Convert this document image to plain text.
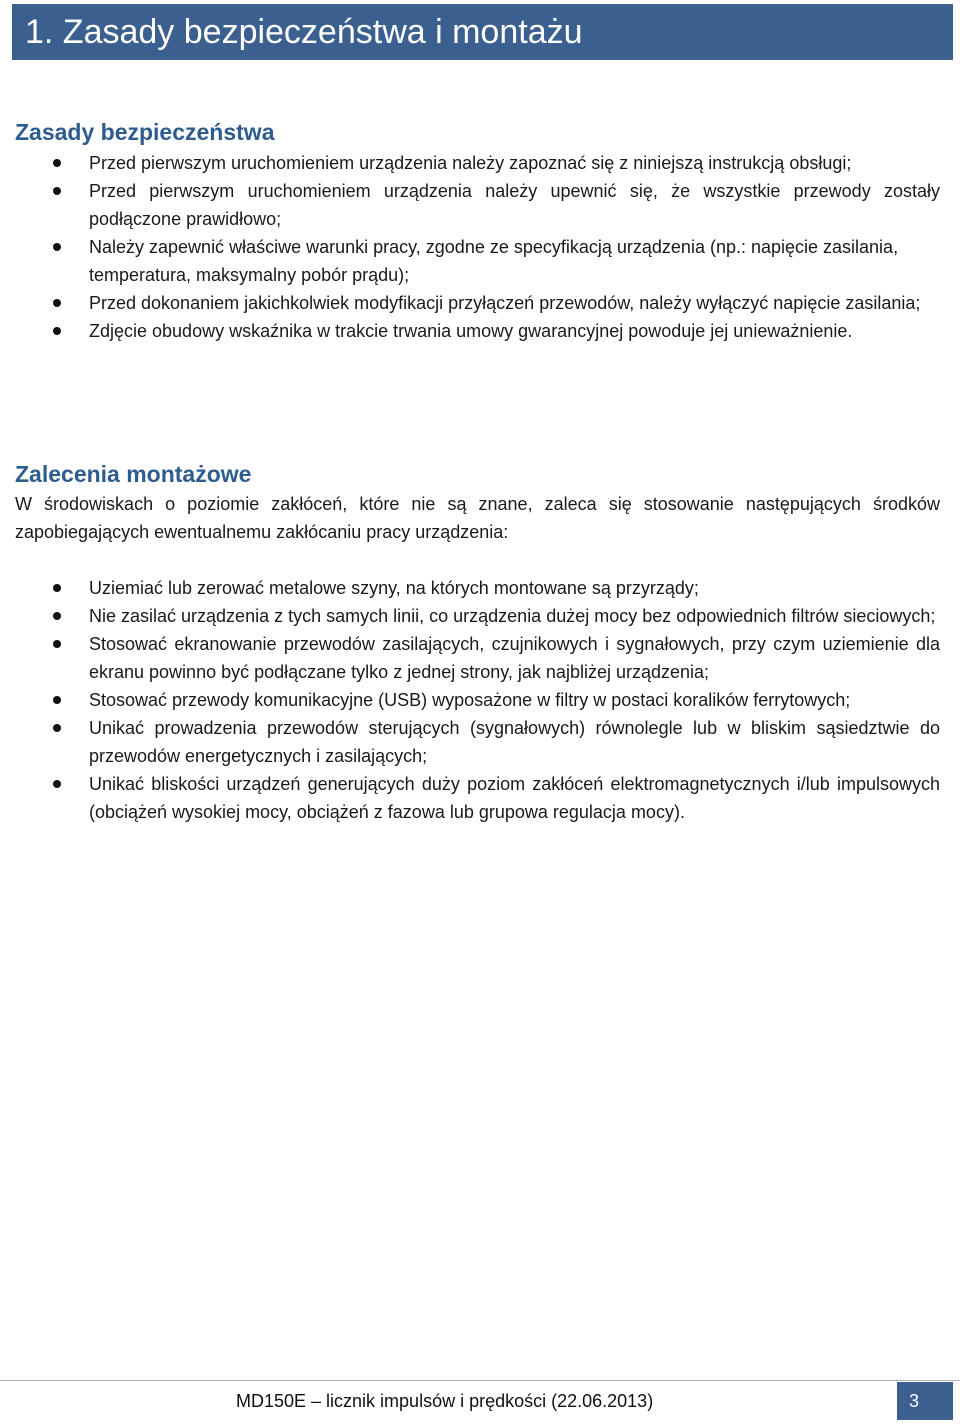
1. Zasady bezpieczeństwa i montażu
Zasady bezpieczeństwa
Przed pierwszym uruchomieniem urządzenia należy zapoznać się z niniejszą instrukcją obsługi;
Przed pierwszym uruchomieniem urządzenia należy upewnić się, że wszystkie przewody zostały podłączone prawidłowo;
Należy zapewnić właściwe warunki pracy, zgodne ze specyfikacją urządzenia (np.: napięcie zasilania, temperatura, maksymalny pobór prądu);
Przed dokonaniem jakichkolwiek modyfikacji przyłączeń przewodów, należy wyłączyć napięcie zasilania;
Zdjęcie obudowy wskaźnika w trakcie trwania umowy gwarancyjnej powoduje jej unieważnienie.
Zalecenia montażowe
W środowiskach o poziomie zakłóceń, które nie są znane, zaleca się stosowanie następujących środków zapobiegających ewentualnemu zakłócaniu pracy urządzenia:
Uziemiać lub zerować metalowe szyny, na których montowane są przyrządy;
Nie zasilać urządzenia z tych samych linii, co urządzenia dużej mocy bez odpowiednich filtrów sieciowych;
Stosować ekranowanie przewodów zasilających, czujnikowych i sygnałowych, przy czym uziemienie dla ekranu powinno być podłączane tylko z jednej strony, jak najbliżej urządzenia;
Stosować przewody komunikacyjne (USB) wyposażone w filtry w postaci koralików ferrytowych;
Unikać prowadzenia przewodów sterujących (sygnałowych) równolegle lub w bliskim sąsiedztwie do przewodów energetycznych i zasilających;
Unikać bliskości urządzeń generujących duży poziom zakłóceń elektromagnetycznych i/lub impulsowych (obciążeń wysokiej mocy, obciążeń z fazowa lub grupowa regulacja mocy).
MD150E – licznik impulsów i prędkości (22.06.2013)	3
